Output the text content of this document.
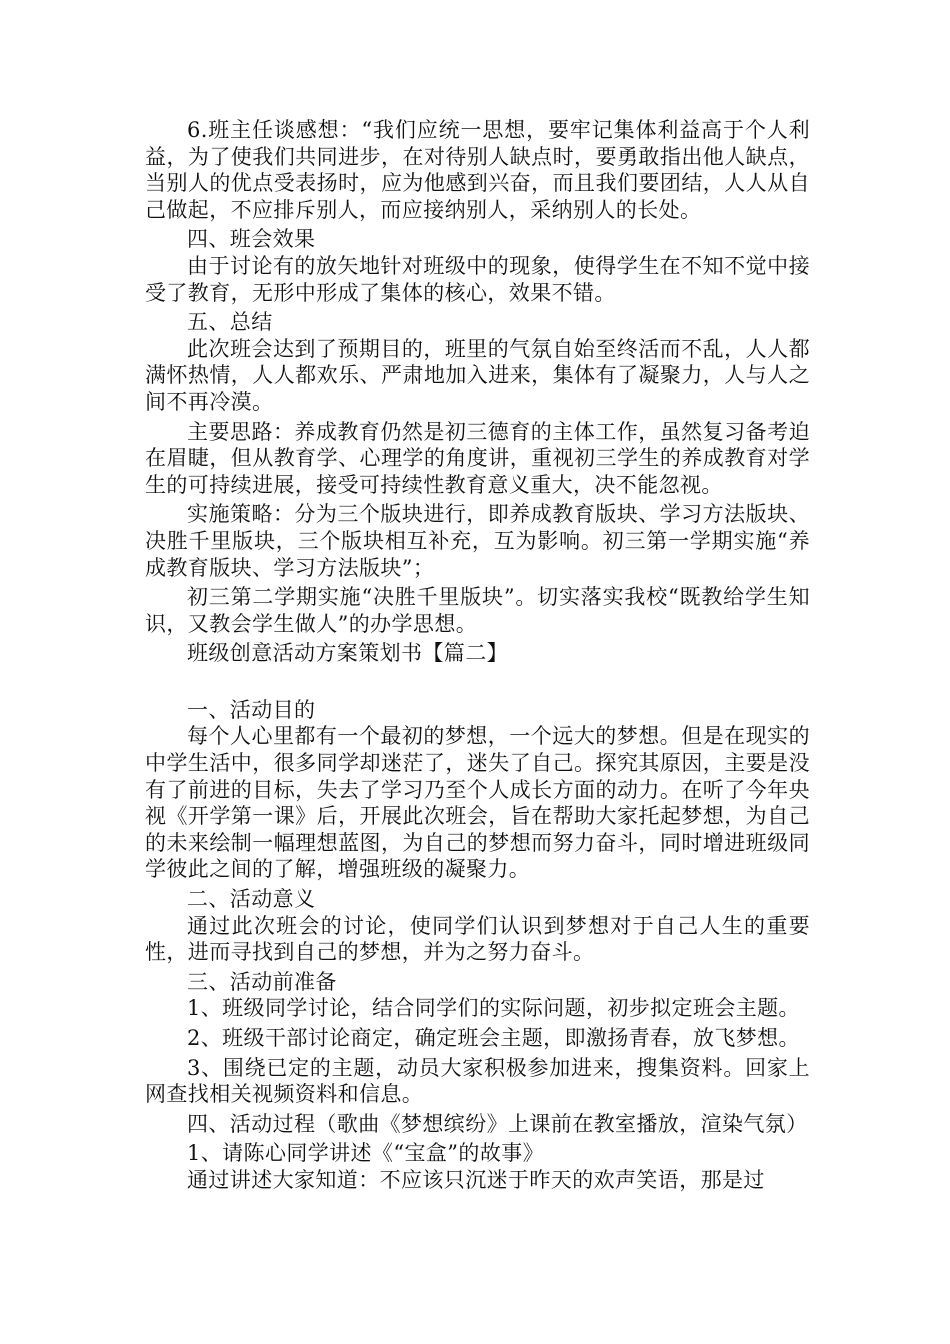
6.班主任谈感想：“我们应统一思想，要牢记集体利益高于个人利益，为了使我们共同进步，在对待别人缺点时，要勇敢指出他人缺点，当别人的优点受表扬时，应为他感到兴奋，而且我们要团结，人人从自己做起，不应排斥别人，而应接纳别人，采纳别人的长处。

四、班会效果

由于讨论有的放矢地针对班级中的现象，使得学生在不知不觉中接受了教育，无形中形成了集体的核心，效果不错。

五、总结

此次班会达到了预期目的，班里的气氛自始至终活而不乱，人人都满怀热情，人人都欢乐、严肃地加入进来，集体有了凝聚力，人与人之间不再冷漠。

主要思路：养成教育仍然是初三德育的主体工作，虽然复习备考迫在眉睫，但从教育学、心理学的角度讲，重视初三学生的养成教育对学生的可持续进展，接受可持续性教育意义重大，决不能忽视。

实施策略：分为三个版块进行，即养成教育版块、学习方法版块、决胜千里版块，三个版块相互补充，互为影响。初三第一学期实施“养成教育版块、学习方法版块”；

初三第二学期实施“决胜千里版块”。切实落实我校“既教给学生知识，又教会学生做人”的办学思想。

班级创意活动方案策划书【篇二】

一、活动目的

每个人心里都有一个最初的梦想，一个远大的梦想。但是在现实的中学生活中，很多同学却迷茫了，迷失了自己。探究其原因，主要是没有了前进的目标，失去了学习乃至个人成长方面的动力。在听了今年央视《开学第一课》后，开展此次班会，旨在帮助大家托起梦想，为自己的未来绘制一幅理想蓝图，为自己的梦想而努力奋斗，同时增进班级同学彼此之间的了解，增强班级的凝聚力。

二、活动意义

通过此次班会的讨论，使同学们认识到梦想对于自己人生的重要性，进而寻找到自己的梦想，并为之努力奋斗。

三、活动前准备

1、班级同学讨论，结合同学们的实际问题，初步拟定班会主题。

2、班级干部讨论商定，确定班会主题，即激扬青春，放飞梦想。

3、围绕已定的主题，动员大家积极参加进来，搜集资料。回家上网查找相关视频资料和信息。

四、活动过程（歌曲《梦想缤纷》上课前在教室播放，渲染气氛）

1、请陈心同学讲述《“宝盒”的故事》

通过讲述大家知道：不应该只沉迷于昨天的欢声笑语，那是过
